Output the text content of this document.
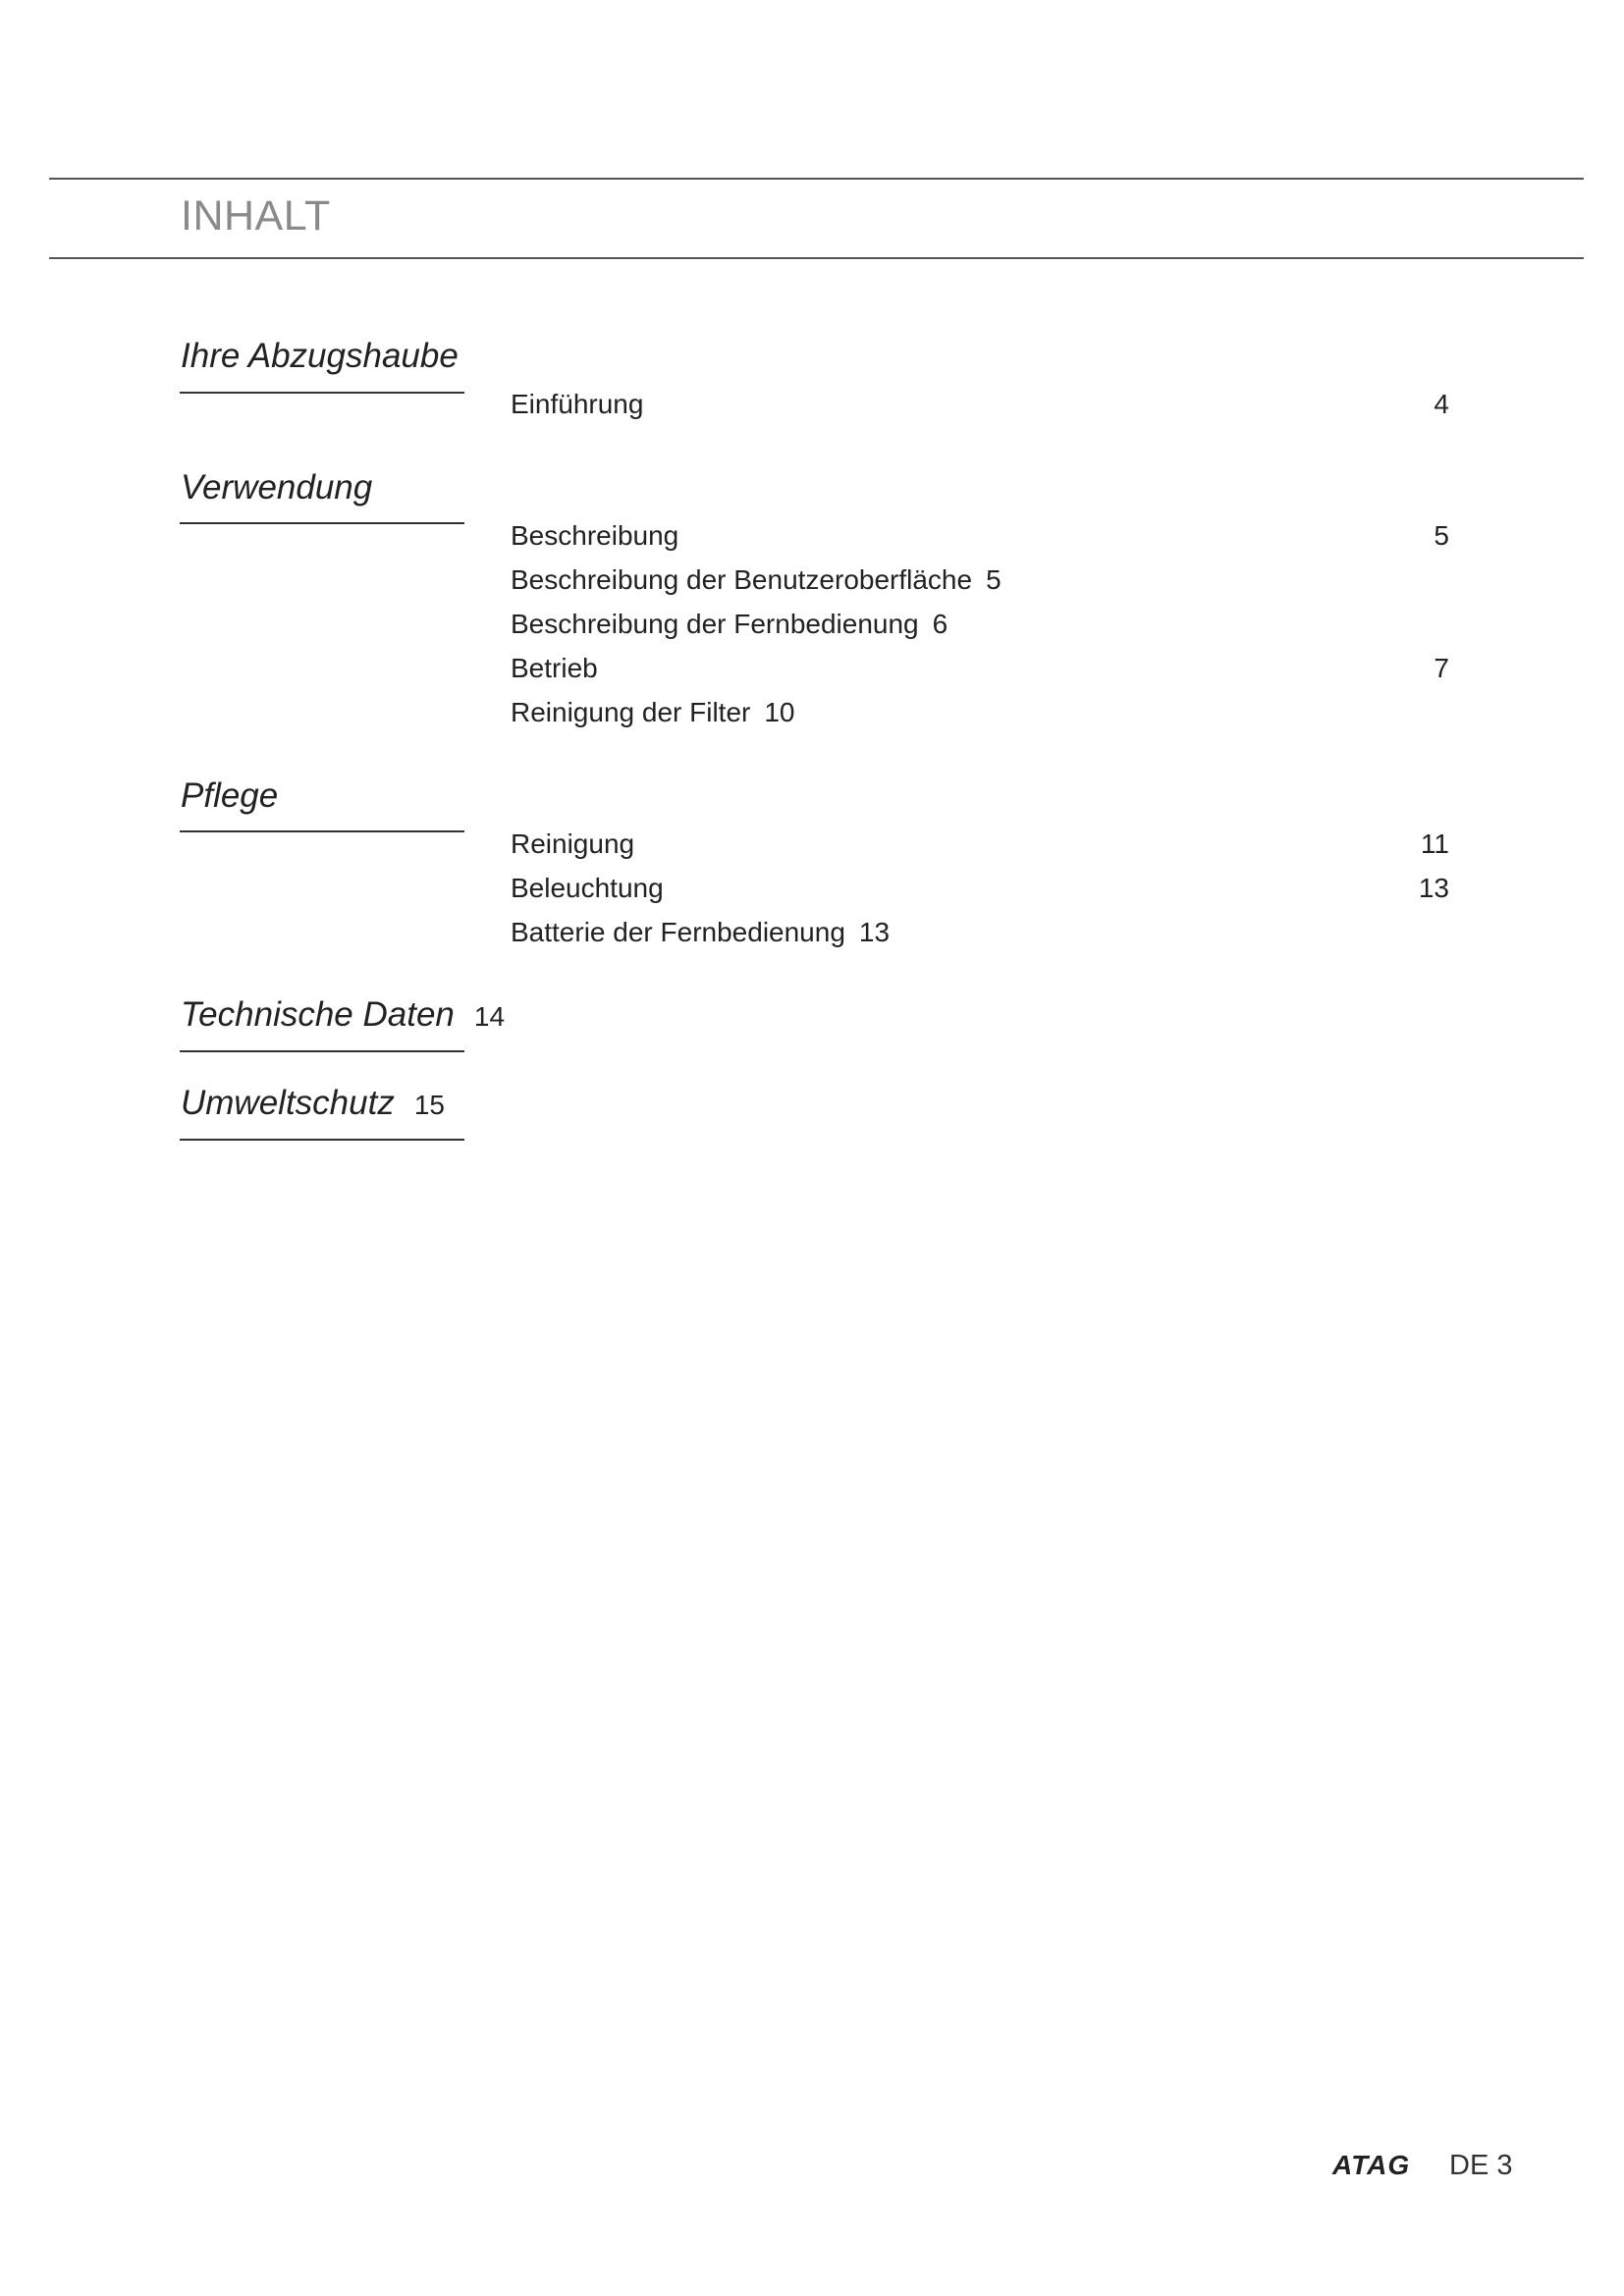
INHALT
Ihre Abzugshaube
Einführung	4
Verwendung
Beschreibung	5
Beschreibung der Benutzeroberfläche 5
Beschreibung der Fernbedienung 6
Betrieb	7
Reinigung der Filter 10
Pflege
Reinigung	11
Beleuchtung	13
Batterie der Fernbedienung 13
Technische Daten 14
Umweltschutz 15
ATAG DE 3
